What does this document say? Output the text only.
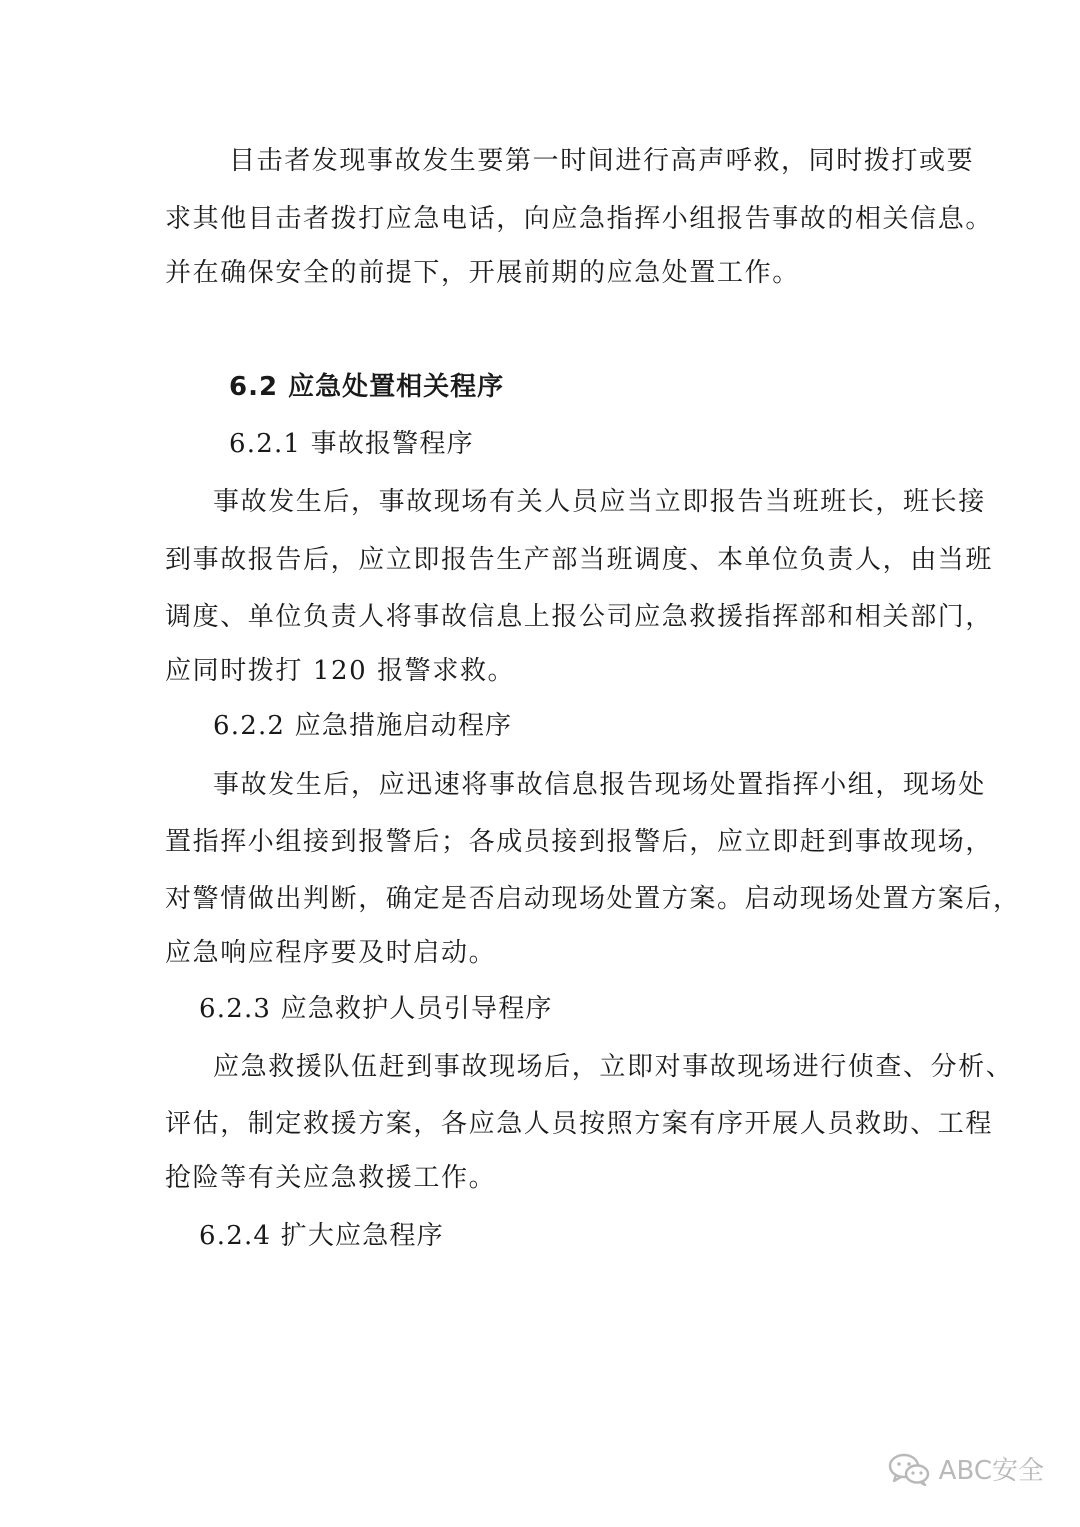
目击者发现事故发生要第一时间进行高声呼救，同时拨打或要
求其他目击者拨打应急电话，向应急指挥小组报告事故的相关信息。
并在确保安全的前提下，开展前期的应急处置工作。
6.2 应急处置相关程序
6.2.1 事故报警程序
事故发生后，事故现场有关人员应当立即报告当班班长，班长接
到事故报告后，应立即报告生产部当班调度、本单位负责人，由当班
调度、单位负责人将事故信息上报公司应急救援指挥部和相关部门，
应同时拨打 120 报警求救。
6.2.2 应急措施启动程序
事故发生后，应迅速将事故信息报告现场处置指挥小组，现场处
置指挥小组接到报警后；各成员接到报警后，应立即赶到事故现场，
对警情做出判断，确定是否启动现场处置方案。启动现场处置方案后，
应急响应程序要及时启动。
6.2.3 应急救护人员引导程序
应急救援队伍赶到事故现场后，立即对事故现场进行侦查、分析、
评估，制定救援方案，各应急人员按照方案有序开展人员救助、工程
抢险等有关应急救援工作。
6.2.4 扩大应急程序
ABC安全
